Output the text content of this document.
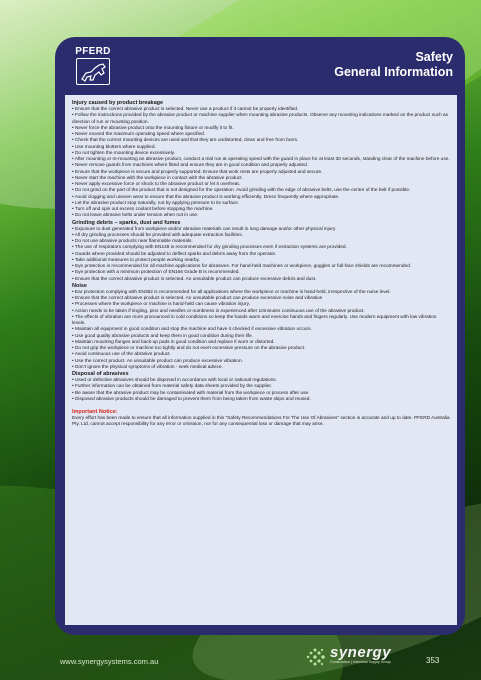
PFERD	Safety
General Information
Injury caused by product breakage
• Ensure that the correct abrasive product is selected. Never use a product if it cannot be properly identified.
• Follow the instructions provided by the abrasive product or machine supplier when mounting abrasive products. Observe any mounting indications marked on the product such as direction of run or mounting position.
• Never force the abrasive product onto the mounting fixture or modify it to fit.
• Never exceed the maximum operating speed where specified.
• Check that the correct mounting devices are used and that they are undistorted, clean and free from burrs.
• Use mounting blotters where supplied.
• Do not tighten the mounting device excessively.
• After mounting or re-mounting an abrasive product, conduct a trial run at operating speed with the guard in place for at least 30 seconds, standing clear of the machine before use.
• Never remove guards from machines where fitted and ensure they are in good condition and properly adjusted.
• Ensure that the workpiece is secure and properly supported. Ensure that work rests are properly adjusted and secure.
• Never start the machine with the workpiece in contact with the abrasive product.
• Never apply excessive force or shock to the abrasive product or let it overheat.
• Do not grind on the part of the product that is not designed for the operation. Avoid grinding with the edge of abrasive belts, use the centre of the belt if possible.
• Avoid clogging and uneven wear to ensure that the abrasive product is working efficiently. Dress frequently where appropriate.
• Let the abrasive product stop naturally, not by applying pressure to its surface.
• Turn off and spin out excess coolant before stopping the machine.
• Do not leave abrasive belts under tension when not in use.
Grinding debris – sparks, dust and fumes
• Exposure to dust generated from workpiece and/or abrasive materials can result in lung damage and/or other physical injury
• All dry grinding processes should be provided with adequate extraction facilities.
• Do not use abrasive products near flammable materials.
• The use of respirators complying with EN149 is recommended for dry grinding processes even if extraction systems are provided.
• Guards where provided should be adjusted to deflect sparks and debris away from the operator.
• Take additional measures to protect people working nearby.
• Eye protection is recommended for all machine applications for abrasives. For hand-held machines or workpiece, goggles or full-face shields are recommended.
• Eye protection with a minimum protection of EN166 Grade B is recommended.
• Ensure that the correct abrasive product is selected. An unsuitable product can produce excessive debris and dust.
Noise
• Ear protection complying with EN352 is recommended for all applications where the workpiece or machine is hand-held, irrespective of the noise level.
• Ensure that the correct abrasive product is selected. An unsuitable product can produce excessive noise and vibration
• Processes where the workpiece or machine is hand-held can cause vibration injury.
• Action needs to be taken if tingling, pins and needles or numbness is experienced after 10minutes continuous use of the abrasive product.
• The effects of vibration are more pronounced in cold conditions so keep the hands warm and exercise hands and fingers regularly. Use modern equipment with low vibration levels.
• Maintain all equipment in good condition and stop the machine and have it checked if excessive vibration occurs.
• Use good quality abrasive products and keep them in good condition during their life.
• Maintain mounting flanges and back-up pads in good condition and replace if worn or distorted.
• Do not grip the workpiece or machine too tightly and do not exert excessive pressure on the abrasive product.
• Avoid continuous use of the abrasive product.
• Use the correct product. An unsuitable product can produce excessive vibration.
• Don’t ignore the physical symptoms of vibration - seek medical advice.
Disposal of abrasives
• Used or defective abrasives should be disposed in accordance with local or national regulations.
• Further information can be obtained from material safety data sheets provided by the supplier.
• Be aware that the abrasive product may be contaminated with material from the workpiece or process after use.
• Disposed abrasive products should be damaged to prevent them from being taken from waste skips and reused.
Important Notice:
Every effort has been made to ensure that all information supplied in this “Safety Recommendations For The Use Of Abrasives” section is accurate and up to date. PFERD Australia Pty. Ltd. cannot accept responsibility for any error or omission, nor for any consequential loss or damage that may arise.
www.synergysystems.com.au
synergy
Construction | Industrial Supply Group	353
